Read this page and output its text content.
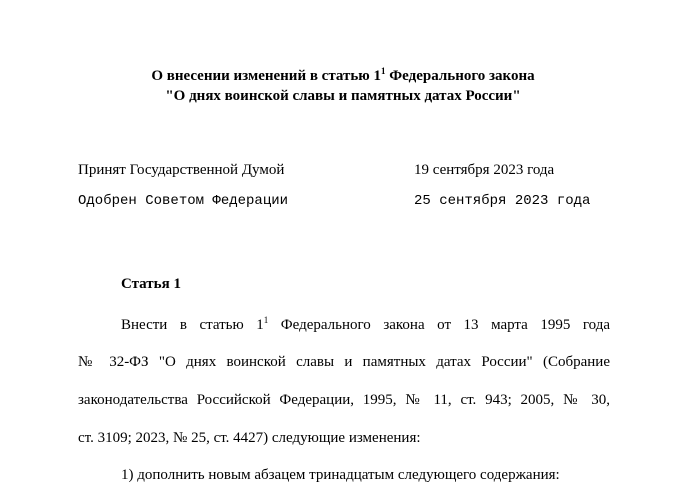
О внесении изменений в статью $1^1$ Федерального закона
"О днях воинской славы и памятных датах России"
Принят Государственной Думой	19 сентября 2023 года
Одобрен Советом Федерации	25 сентября 2023 года
Статья 1
Внести в статью $1^1$ Федерального закона от 13 марта 1995 года
№ 32-ФЗ "О днях воинской славы и памятных датах России" (Собрание
законодательства Российской Федерации, 1995, № 11, ст. 943; 2005, № 30,
ст. 3109; 2023, № 25, ст. 4427) следующие изменения:
1) дополнить новым абзацем тринадцатым следующего содержания:
